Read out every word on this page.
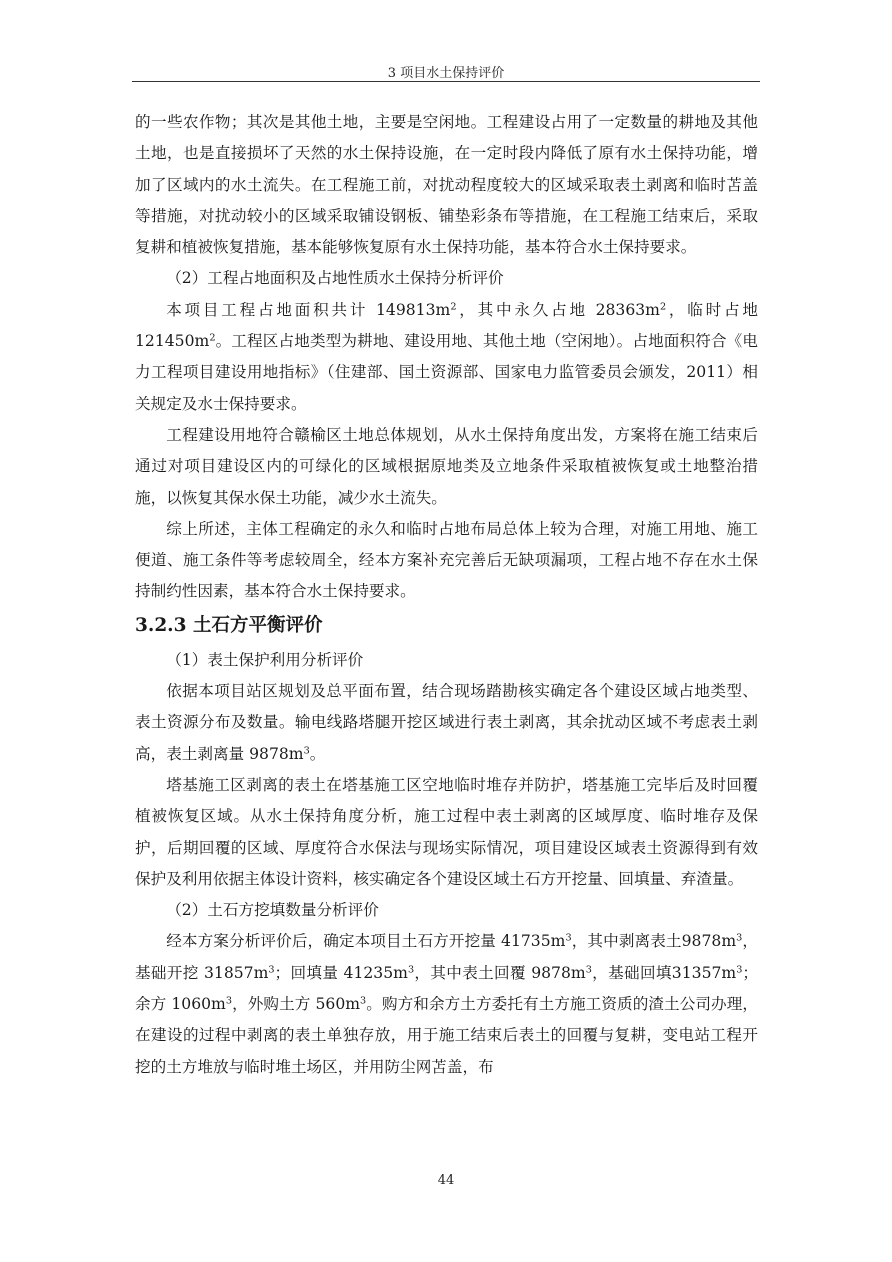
3 项目水土保持评价

的一些农作物；其次是其他土地，主要是空闲地。工程建设占用了一定数量的耕地及其他土地，也是直接损坏了天然的水土保持设施，在一定时段内降低了原有水土保持功能，增加了区域内的水土流失。在工程施工前，对扰动程度较大的区域采取表土剥离和临时苫盖等措施，对扰动较小的区域采取铺设钢板、铺垫彩条布等措施，在工程施工结束后，采取复耕和植被恢复措施，基本能够恢复原有水土保持功能，基本符合水土保持要求。

（2）工程占地面积及占地性质水土保持分析评价

本项目工程占地面积共计 $149813m^2$，其中永久占地 $28363m^2$，临时占地$121450m^2$。工程区占地类型为耕地、建设用地、其他土地（空闲地）。占地面积符合《电力工程项目建设用地指标》（住建部、国土资源部、国家电力监管委员会颁发，2011）相关规定及水士保持要求。

工程建设用地符合赣榆区土地总体规划，从水土保持角度出发，方案将在施工结束后通过对项目建设区内的可绿化的区域根据原地类及立地条件采取植被恢复或土地整治措施，以恢复其保水保土功能，减少水土流失。

综上所述，主体工程确定的永久和临时占地布局总体上较为合理，对施工用地、施工便道、施工条件等考虑较周全，经本方案补充完善后无缺项漏项，工程占地不存在水土保持制约性因素，基本符合水土保持要求。

3.2.3 土石方平衡评价

（1）表土保护利用分析评价

依据本项目站区规划及总平面布置，结合现场踏勘核实确定各个建设区域占地类型、表土资源分布及数量。输电线路塔腿开挖区域进行表土剥离，其余扰动区域不考虑表土剥高，表土剥离量 $9878m^3$。

塔基施工区剥离的表土在塔基施工区空地临时堆存并防护，塔基施工完毕后及时回覆植被恢复区域。从水土保持角度分析，施工过程中表土剥离的区域厚度、临时堆存及保护，后期回覆的区域、厚度符合水保法与现场实际情况，项目建设区域表土资源得到有效保护及利用依据主体设计资料，核实确定各个建设区域土石方开挖量、回填量、弃渣量。

（2）土石方挖填数量分析评价

经本方案分析评价后，确定本项目土石方开挖量 $41735m^3$，其中剥离表土$9878m^3$，基础开挖 $31857m^3$；回填量 $41235m^3$，其中表土回覆 $9878m^3$，基础回填$31357m^3$；余方 $1060m^3$，外购土方 $560m^3$。购方和余方土方委托有土方施工资质的渣土公司办理，在建设的过程中剥离的表土单独存放，用于施工结束后表土的回覆与复耕，变电站工程开挖的土方堆放与临时堆土场区，并用防尘网苫盖，布

44
